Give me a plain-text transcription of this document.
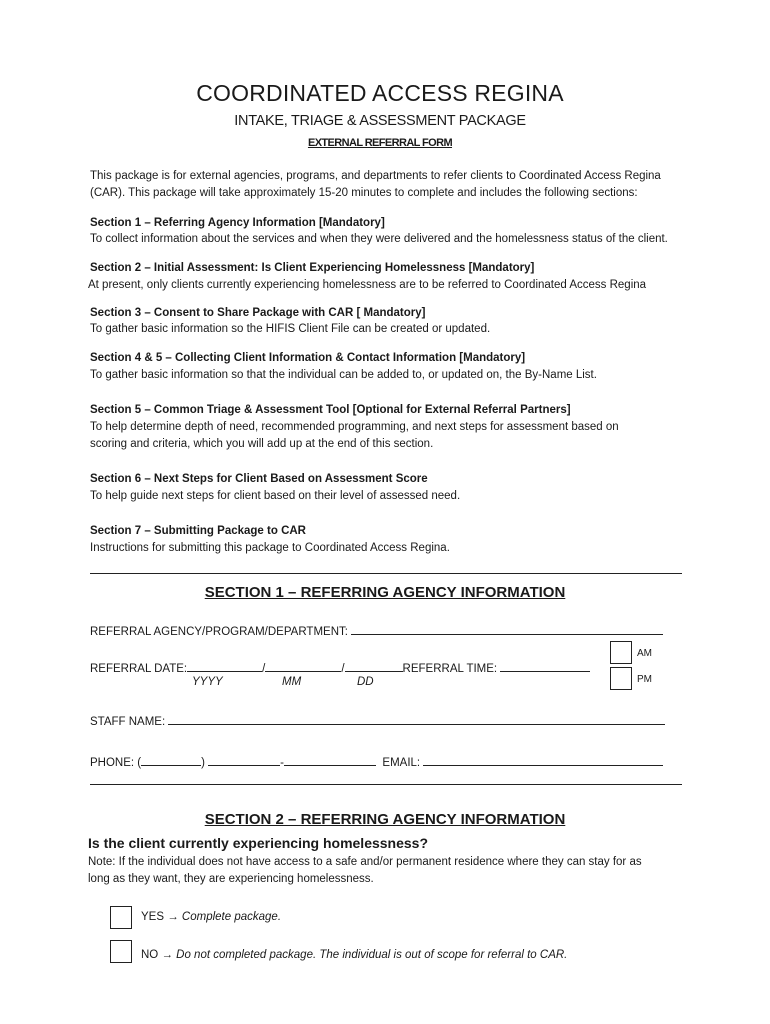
COORDINATED ACCESS REGINA
INTAKE, TRIAGE & ASSESSMENT PACKAGE
EXTERNAL REFERRAL FORM
This package is for external agencies, programs, and departments to refer clients to Coordinated Access Regina
(CAR). This package will take approximately 15-20 minutes to complete and includes the following sections:
Section 1 – Referring Agency Information [Mandatory]
To collect information about the services and when they were delivered and the homelessness status of the client.
Section 2 – Initial Assessment: Is Client Experiencing Homelessness [Mandatory]
At present, only clients currently experiencing homelessness are to be referred to Coordinated Access Regina
Section 3 – Consent to Share Package with CAR [ Mandatory]
To gather basic information so the HIFIS Client File can be created or updated.
Section 4 & 5 – Collecting Client Information & Contact Information [Mandatory]
To gather basic information so that the individual can be added to, or updated on, the By-Name List.
Section 5 – Common Triage & Assessment Tool [Optional for External Referral Partners]
To help determine depth of need, recommended programming, and next steps for assessment based on
scoring and criteria, which you will add up at the end of this section.
Section 6 – Next Steps for Client Based on Assessment Score
To help guide next steps for client based on their level of assessed need.
Section 7 – Submitting Package to CAR
Instructions for submitting this package to Coordinated Access Regina.
SECTION 1 – REFERRING AGENCY INFORMATION
REFERRAL AGENCY/PROGRAM/DEPARTMENT:
AM
PM
REFERRAL DATE:	/	/	REFERRAL TIME:
YYYY	MM	DD
STAFF NAME:
PHONE: (	)	-	EMAIL:
SECTION 2 – REFERRING AGENCY INFORMATION
Is the client currently experiencing homelessness?
Note: If the individual does not have access to a safe and/or permanent residence where they can stay for as
long as they want, they are experiencing homelessness.
YES → Complete package.
NO → Do not completed package. The individual is out of scope for referral to CAR.
